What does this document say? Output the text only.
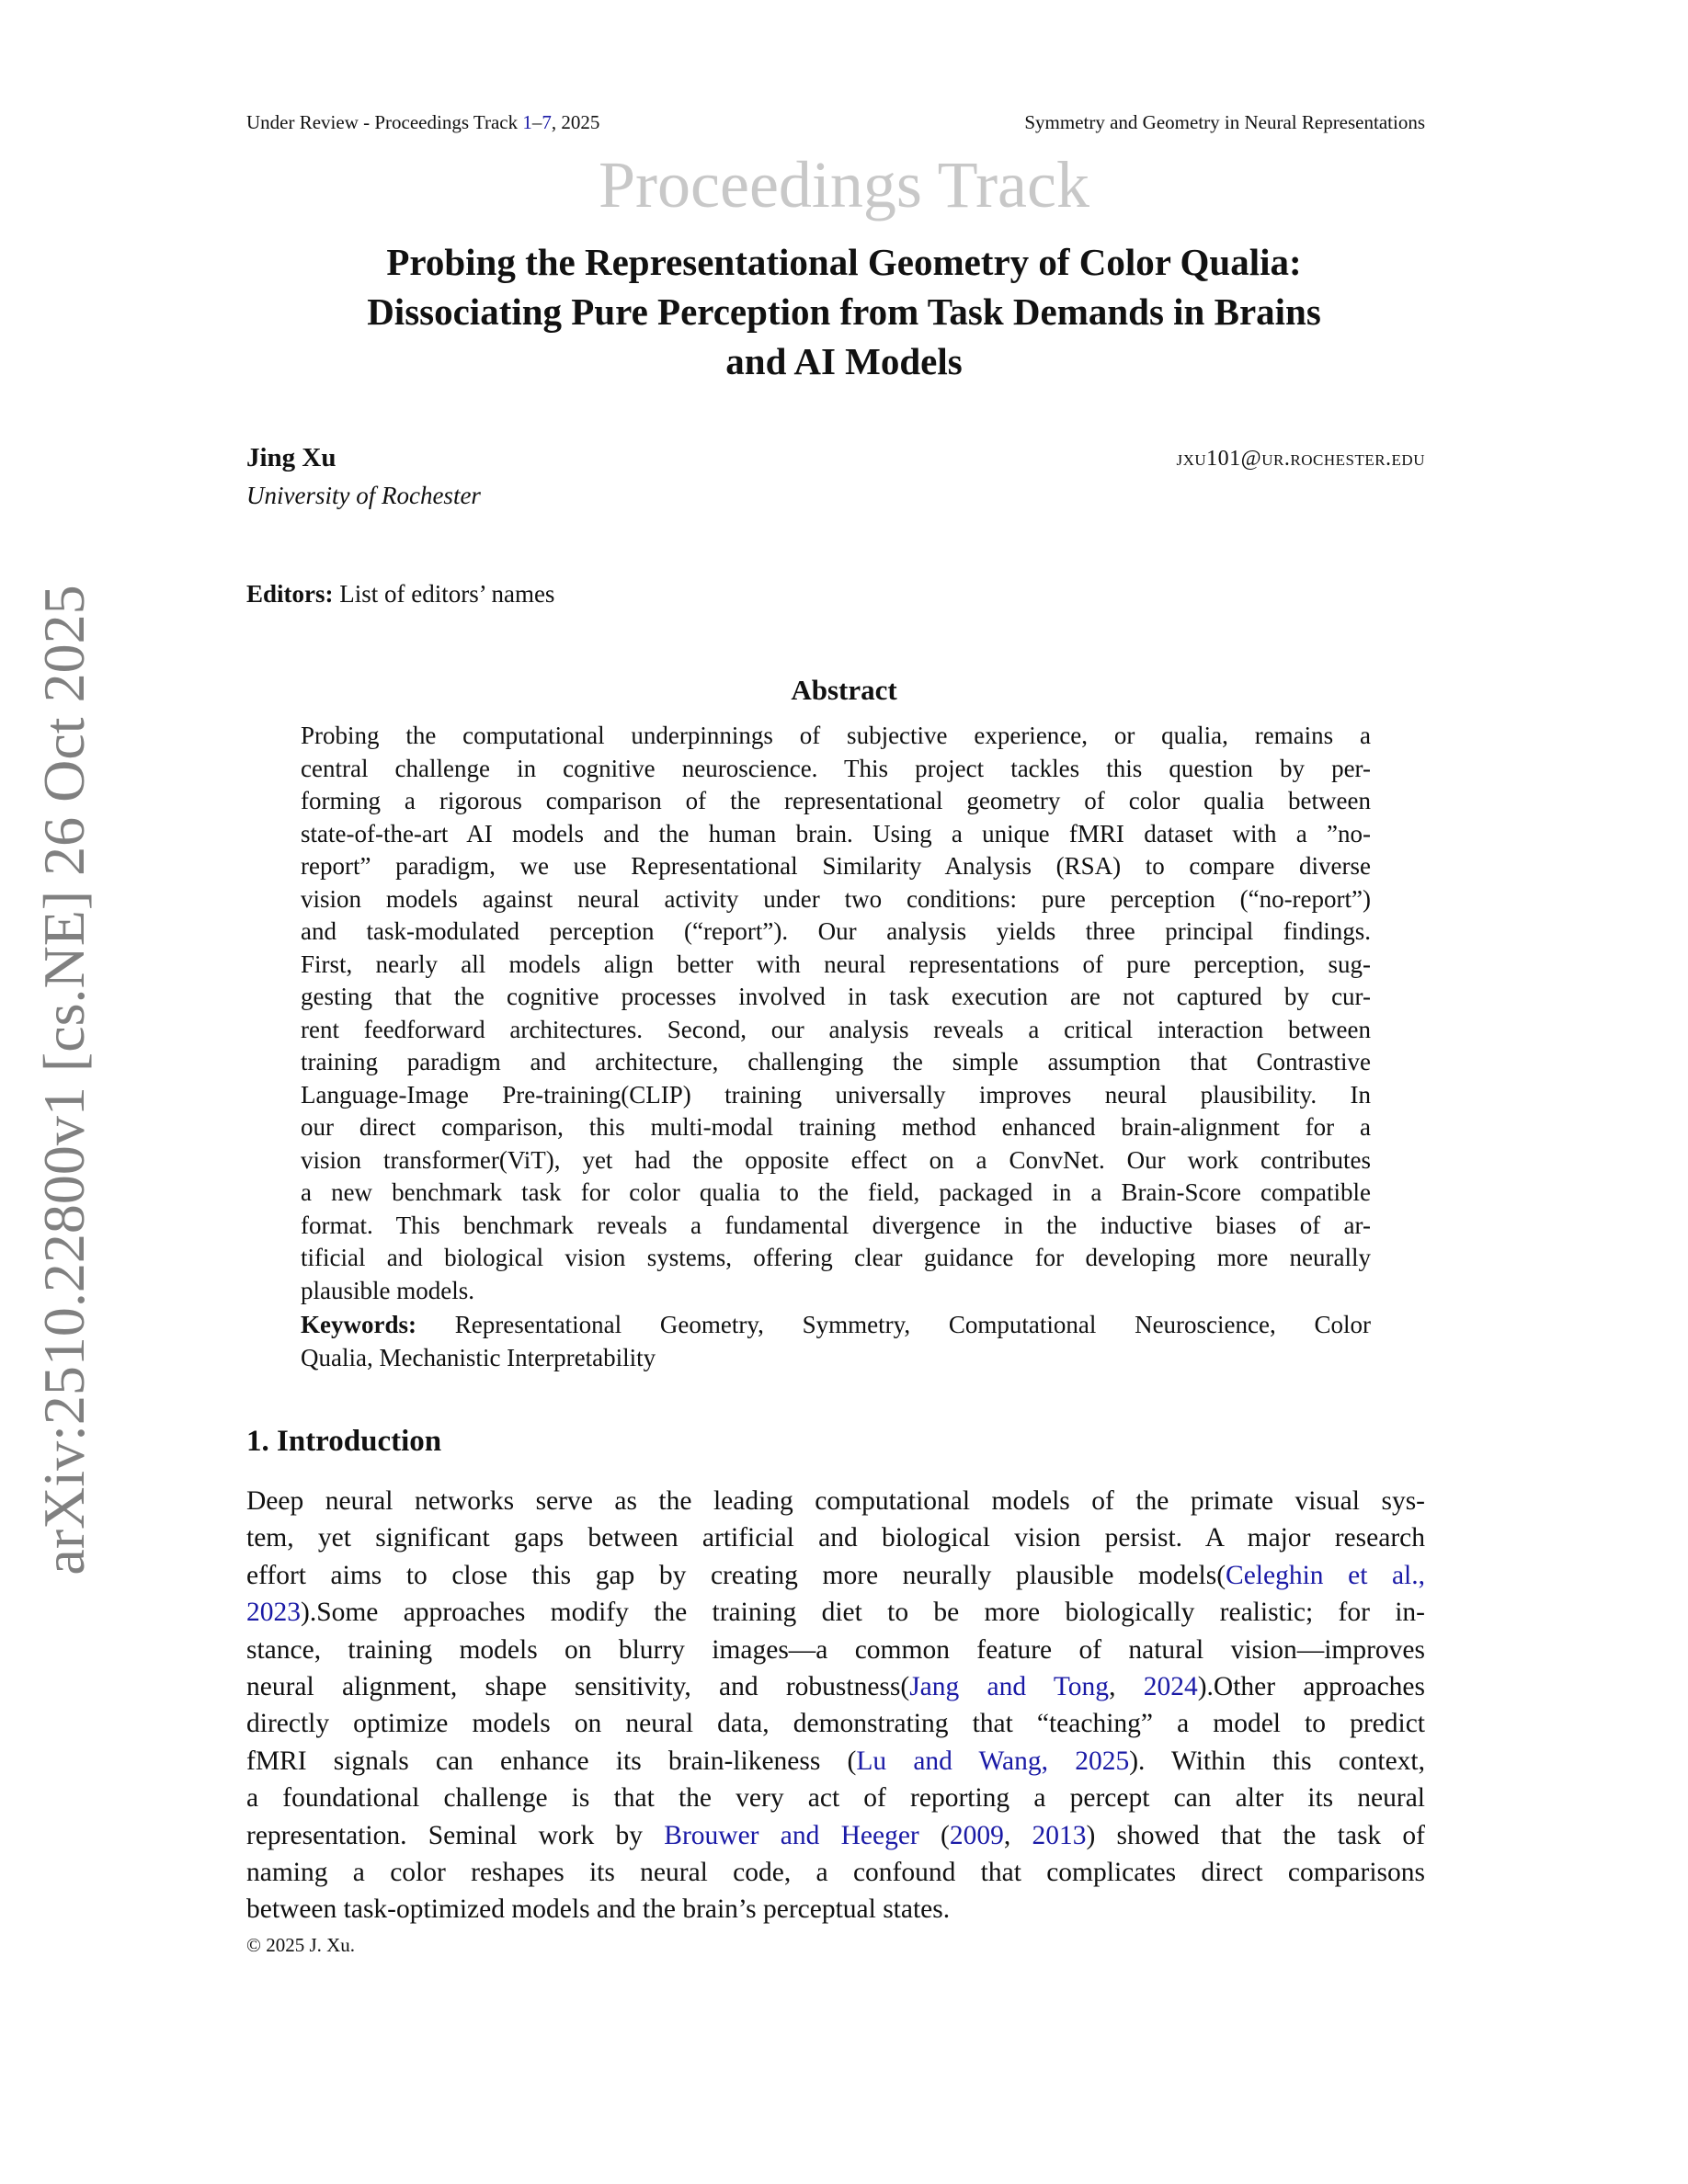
Under Review - Proceedings Track 1–7, 2025	Symmetry and Geometry in Neural Representations
Proceedings Track
Probing the Representational Geometry of Color Qualia:
Dissociating Pure Perception from Task Demands in Brains
and AI Models
Jing Xu
University of Rochester
jxu101@ur.rochester.edu
Editors: List of editors’ names
Abstract
Probing the computational underpinnings of subjective experience, or qualia, remains a
central challenge in cognitive neuroscience. This project tackles this question by per-
forming a rigorous comparison of the representational geometry of color qualia between
state-of-the-art AI models and the human brain. Using a unique fMRI dataset with a ”no-
report” paradigm, we use Representational Similarity Analysis (RSA) to compare diverse
vision models against neural activity under two conditions: pure perception (“no-report”)
and task-modulated perception (“report”). Our analysis yields three principal findings.
First, nearly all models align better with neural representations of pure perception, sug-
gesting that the cognitive processes involved in task execution are not captured by cur-
rent feedforward architectures. Second, our analysis reveals a critical interaction between
training paradigm and architecture, challenging the simple assumption that Contrastive
Language-Image Pre-training(CLIP) training universally improves neural plausibility. In
our direct comparison, this multi-modal training method enhanced brain-alignment for a
vision transformer(ViT), yet had the opposite effect on a ConvNet. Our work contributes
a new benchmark task for color qualia to the field, packaged in a Brain-Score compatible
format. This benchmark reveals a fundamental divergence in the inductive biases of ar-
tificial and biological vision systems, offering clear guidance for developing more neurally
plausible models.
Keywords: Representational Geometry, Symmetry, Computational Neuroscience, Color
Qualia, Mechanistic Interpretability
1. Introduction
Deep neural networks serve as the leading computational models of the primate visual sys-
tem, yet significant gaps between artificial and biological vision persist. A major research
effort aims to close this gap by creating more neurally plausible models(Celeghin et al.,
2023).Some approaches modify the training diet to be more biologically realistic; for in-
stance, training models on blurry images—a common feature of natural vision—improves
neural alignment, shape sensitivity, and robustness(Jang and Tong, 2024).Other approaches
directly optimize models on neural data, demonstrating that “teaching” a model to predict
fMRI signals can enhance its brain-likeness (Lu and Wang, 2025). Within this context,
a foundational challenge is that the very act of reporting a percept can alter its neural
representation. Seminal work by Brouwer and Heeger (2009, 2013) showed that the task of
naming a color reshapes its neural code, a confound that complicates direct comparisons
between task-optimized models and the brain’s perceptual states.
© 2025 J. Xu.
arXiv:2510.22800v1 [cs.NE] 26 Oct 2025
